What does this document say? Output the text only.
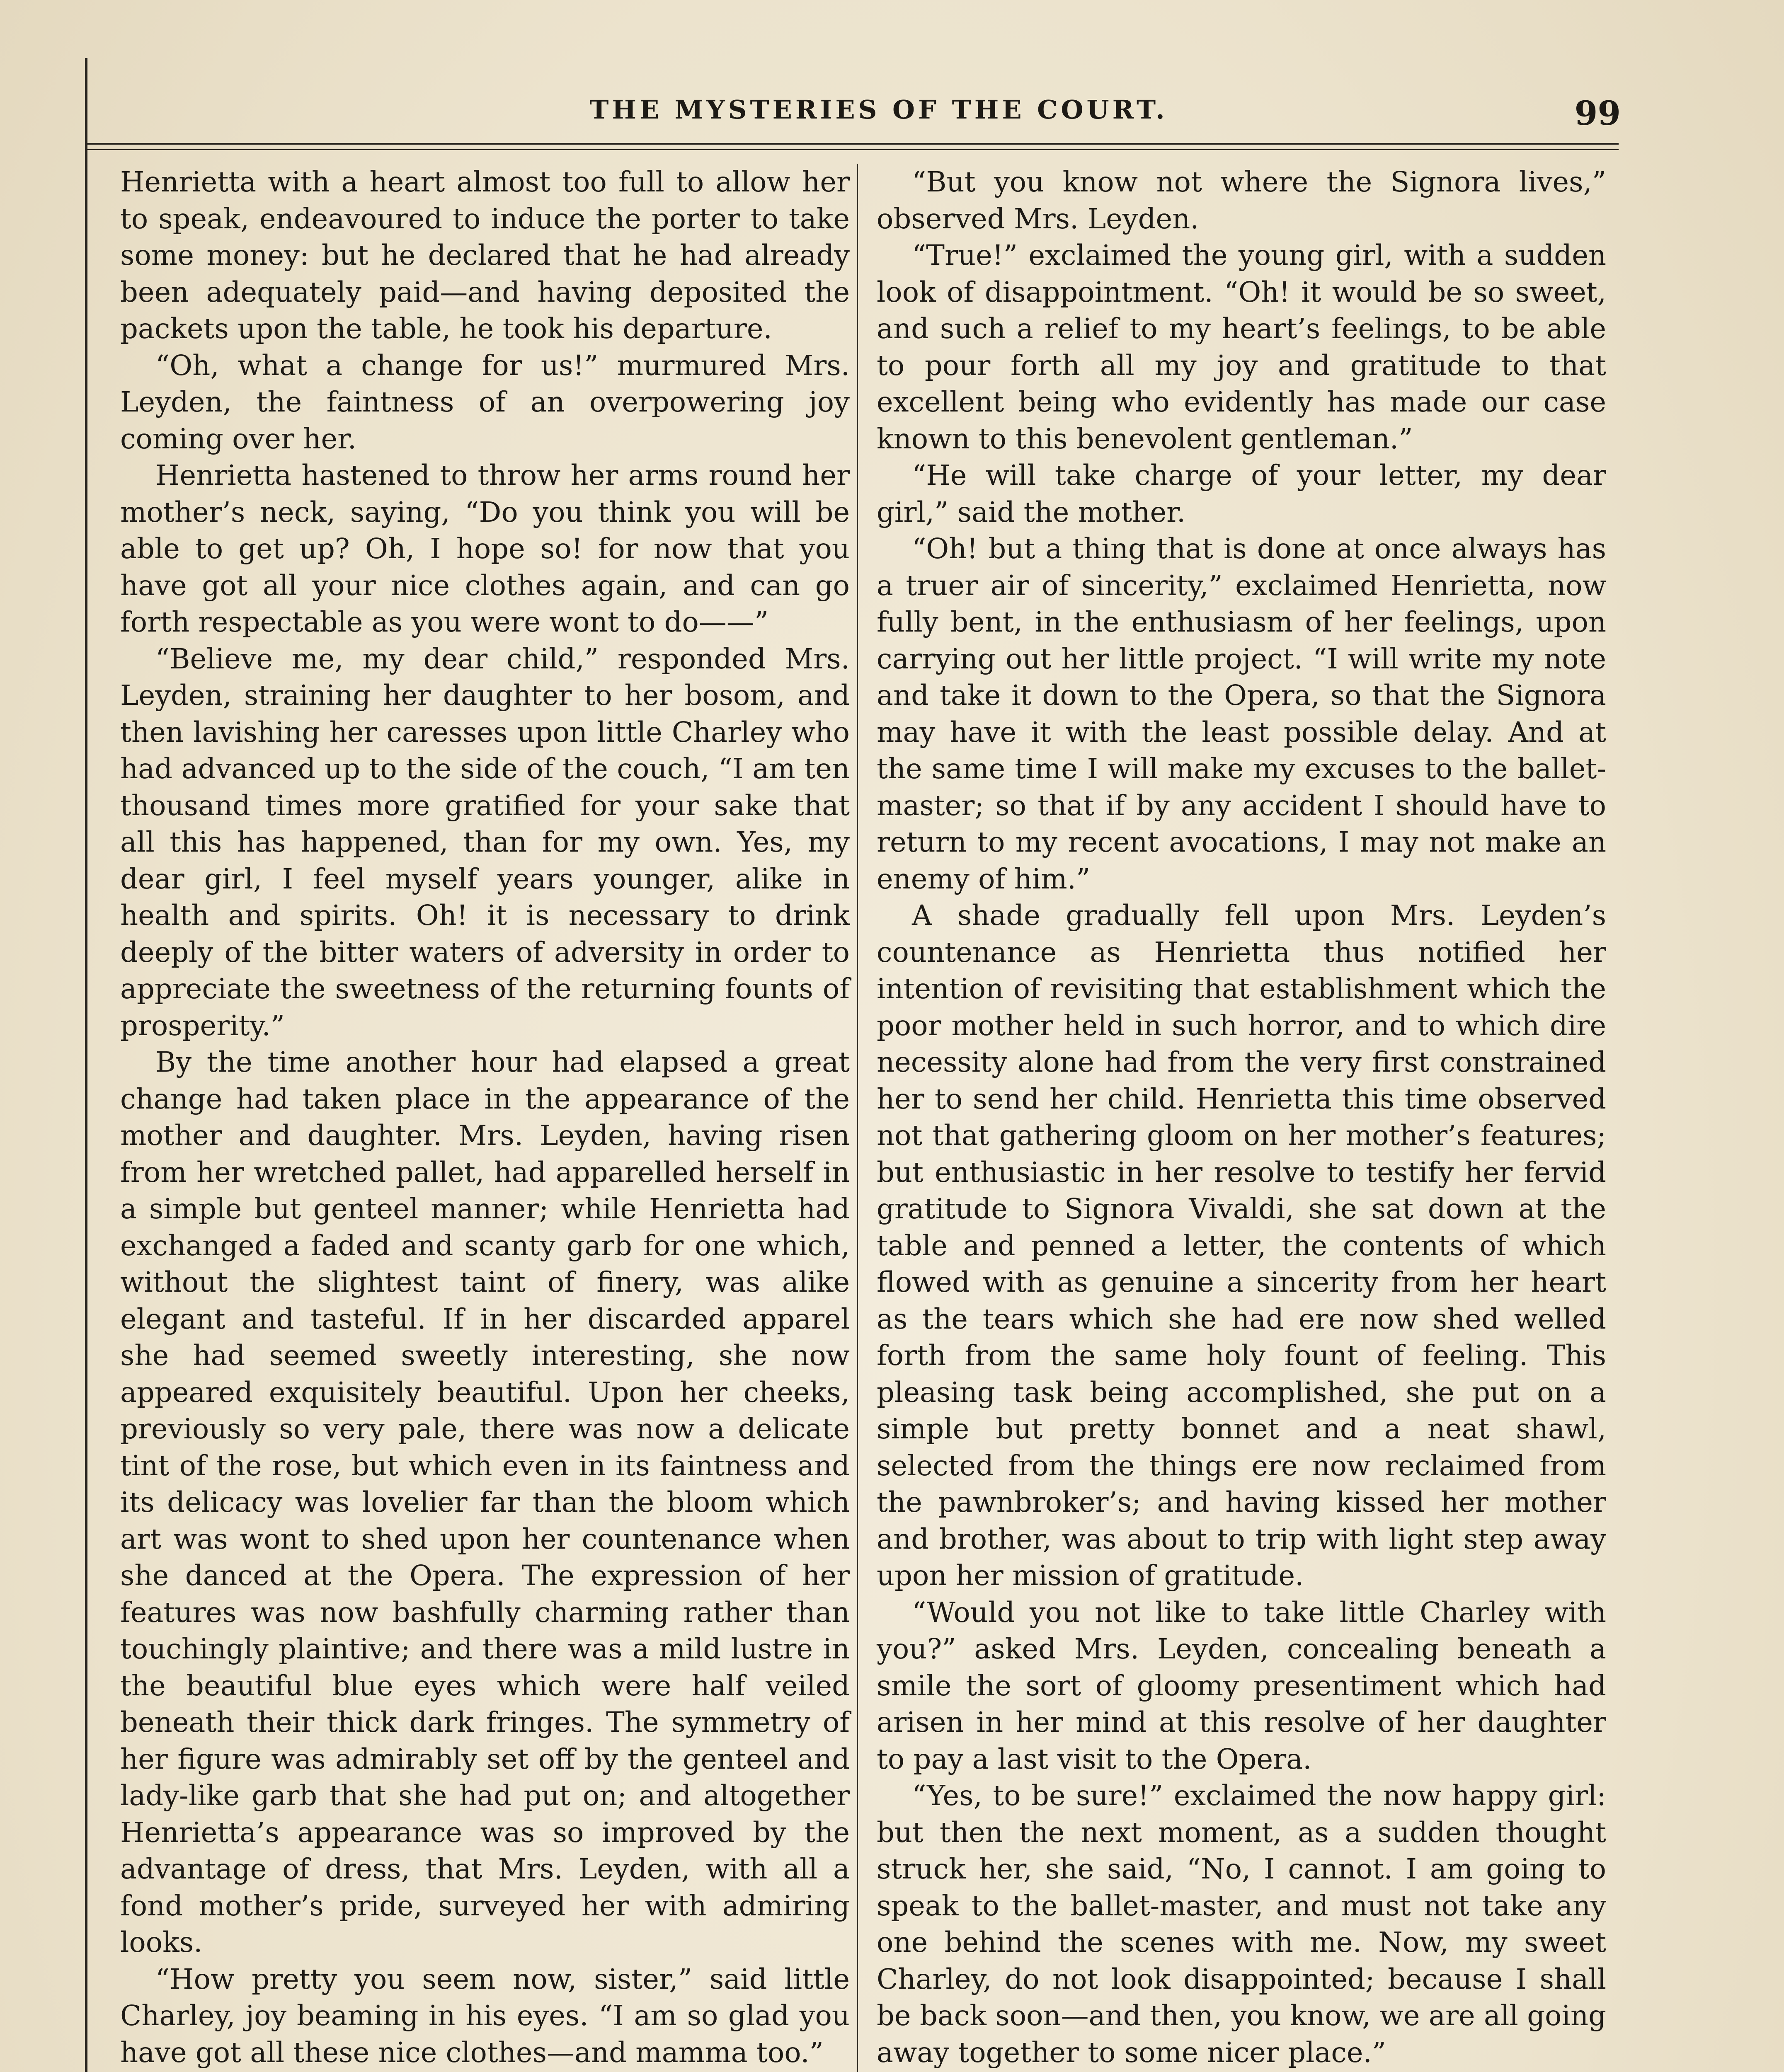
THE MYSTERIES OF THE COURT.	99

Henrietta with a heart almost too full to allow her to speak, endeavoured to induce the porter to take some money: but he declared that he had already been adequately paid—and having deposited the packets upon the table, he took his departure.

“Oh, what a change for us!” murmured Mrs. Leyden, the faintness of an overpowering joy coming over her.

Henrietta hastened to throw her arms round her mother’s neck, saying, “Do you think you will be able to get up? Oh, I hope so! for now that you have got all your nice clothes again, and can go forth respectable as you were wont to do——”

“Believe me, my dear child,” responded Mrs. Leyden, straining her daughter to her bosom, and then lavishing her caresses upon little Charley who had advanced up to the side of the couch, “I am ten thousand times more gratified for your sake that all this has happened, than for my own. Yes, my dear girl, I feel myself years younger, alike in health and spirits. Oh! it is necessary to drink deeply of the bitter waters of adversity in order to appreciate the sweetness of the returning founts of prosperity.”

By the time another hour had elapsed a great change had taken place in the appearance of the mother and daughter. Mrs. Leyden, having risen from her wretched pallet, had apparelled herself in a simple but genteel manner; while Henrietta had exchanged a faded and scanty garb for one which, without the slightest taint of finery, was alike elegant and tasteful. If in her discarded apparel she had seemed sweetly interesting, she now appeared exquisitely beautiful. Upon her cheeks, previously so very pale, there was now a delicate tint of the rose, but which even in its faintness and its delicacy was lovelier far than the bloom which art was wont to shed upon her countenance when she danced at the Opera. The expression of her features was now bashfully charming rather than touchingly plaintive; and there was a mild lustre in the beautiful blue eyes which were half veiled beneath their thick dark fringes. The symmetry of her figure was admirably set off by the genteel and lady-like garb that she had put on; and altogether Henrietta’s appearance was so improved by the advantage of dress, that Mrs. Leyden, with all a fond mother’s pride, surveyed her with admiring looks.

“How pretty you seem now, sister,” said little Charley, joy beaming in his eyes. “I am so glad you have got all these nice clothes—and mamma too.”

“But you know not where the Signora lives,” observed Mrs. Leyden.

“True!” exclaimed the young girl, with a sudden look of disappointment. “Oh! it would be so sweet, and such a relief to my heart’s feelings, to be able to pour forth all my joy and gratitude to that excellent being who evidently has made our case known to this benevolent gentleman.”

“He will take charge of your letter, my dear girl,” said the mother.

“Oh! but a thing that is done at once always has a truer air of sincerity,” exclaimed Henrietta, now fully bent, in the enthusiasm of her feelings, upon carrying out her little project. “I will write my note and take it down to the Opera, so that the Signora may have it with the least possible delay. And at the same time I will make my excuses to the ballet-master; so that if by any accident I should have to return to my recent avocations, I may not make an enemy of him.”

A shade gradually fell upon Mrs. Leyden’s countenance as Henrietta thus notified her intention of revisiting that establishment which the poor mother held in such horror, and to which dire necessity alone had from the very first constrained her to send her child. Henrietta this time observed not that gathering gloom on her mother’s features; but enthusiastic in her resolve to testify her fervid gratitude to Signora Vivaldi, she sat down at the table and penned a letter, the contents of which flowed with as genuine a sincerity from her heart as the tears which she had ere now shed welled forth from the same holy fount of feeling. This pleasing task being accomplished, she put on a simple but pretty bonnet and a neat shawl, selected from the things ere now reclaimed from the pawnbroker’s; and having kissed her mother and brother, was about to trip with light step away upon her mission of gratitude.

“Would you not like to take little Charley with you?” asked Mrs. Leyden, concealing beneath a smile the sort of gloomy presentiment which had arisen in her mind at this resolve of her daughter to pay a last visit to the Opera.

“Yes, to be sure!” exclaimed the now happy girl: but then the next moment, as a sudden thought struck her, she said, “No, I cannot. I am going to speak to the ballet-master, and must not take any one behind the scenes with me. Now, my sweet Charley, do not look disappointed; because I shall be back soon—and then, you know, we are all going away together to some nicer place.”
